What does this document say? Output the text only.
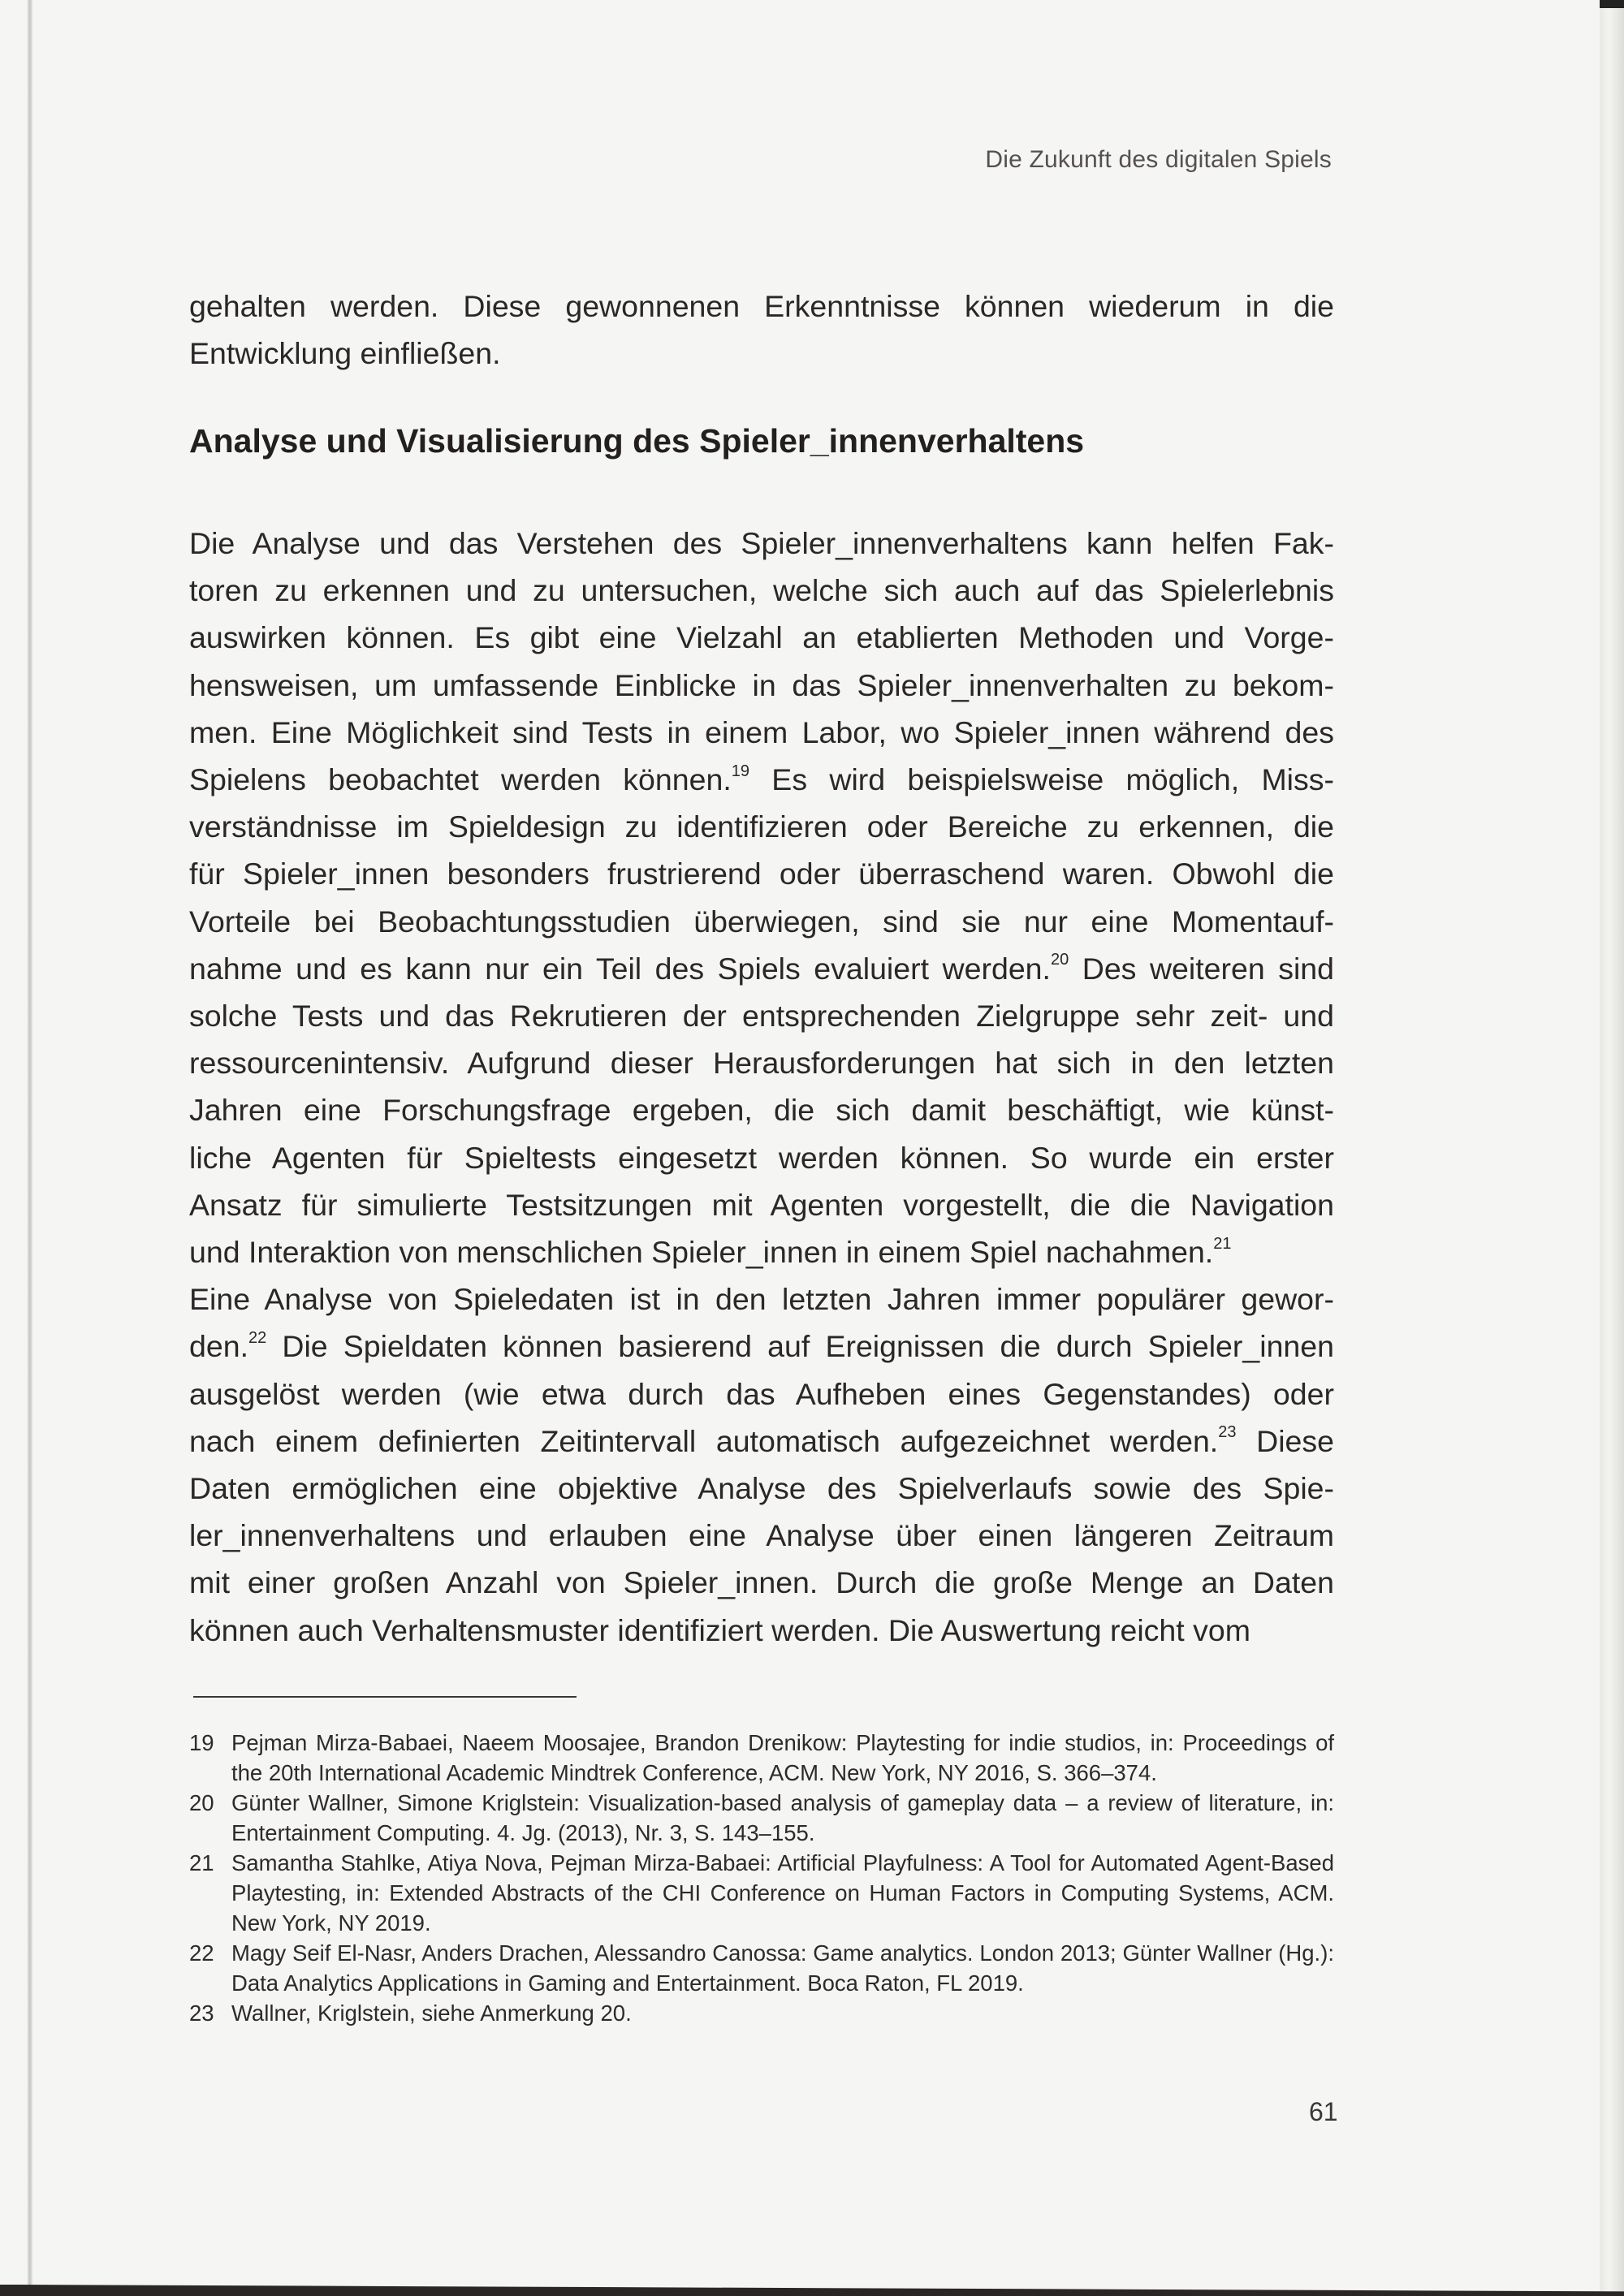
Die Zukunft des digitalen Spiels

gehalten werden. Diese gewonnenen Erkenntnisse können wiederum in die
Entwicklung einfließen.

Analyse und Visualisierung des Spieler_innenverhaltens

Die Analyse und das Verstehen des Spieler_innenverhaltens kann helfen Fak-
toren zu erkennen und zu untersuchen, welche sich auch auf das Spielerlebnis
auswirken können. Es gibt eine Vielzahl an etablierten Methoden und Vorge-
hensweisen, um umfassende Einblicke in das Spieler_innenverhalten zu bekom-
men. Eine Möglichkeit sind Tests in einem Labor, wo Spieler_innen während des
Spielens beobachtet werden können.$^{19}$ Es wird beispielsweise möglich, Miss-
verständnisse im Spieldesign zu identifizieren oder Bereiche zu erkennen, die
für Spieler_innen besonders frustrierend oder überraschend waren. Obwohl die
Vorteile bei Beobachtungsstudien überwiegen, sind sie nur eine Momentauf-
nahme und es kann nur ein Teil des Spiels evaluiert werden.$^{20}$ Des weiteren sind
solche Tests und das Rekrutieren der entsprechenden Zielgruppe sehr zeit- und
ressourcenintensiv. Aufgrund dieser Herausforderungen hat sich in den letzten
Jahren eine Forschungsfrage ergeben, die sich damit beschäftigt, wie künst-
liche Agenten für Spieltests eingesetzt werden können. So wurde ein erster
Ansatz für simulierte Testsitzungen mit Agenten vorgestellt, die die Navigation
und Interaktion von menschlichen Spieler_innen in einem Spiel nachahmen.$^{21}$
Eine Analyse von Spieledaten ist in den letzten Jahren immer populärer gewor-
den.$^{22}$ Die Spieldaten können basierend auf Ereignissen die durch Spieler_innen
ausgelöst werden (wie etwa durch das Aufheben eines Gegenstandes) oder
nach einem definierten Zeitintervall automatisch aufgezeichnet werden.$^{23}$ Diese
Daten ermöglichen eine objektive Analyse des Spielverlaufs sowie des Spie-
ler_innenverhaltens und erlauben eine Analyse über einen längeren Zeitraum
mit einer großen Anzahl von Spieler_innen. Durch die große Menge an Daten
können auch Verhaltensmuster identifiziert werden. Die Auswertung reicht vom

19 Pejman Mirza-Babaei, Naeem Moosajee, Brandon Drenikow: Playtesting for indie studios, in: Proceedings of the 20th International Academic Mindtrek Conference, ACM. New York, NY 2016, S. 366–374.

20 Günter Wallner, Simone Kriglstein: Visualization-based analysis of gameplay data – a review of literature, in: Entertainment Computing. 4. Jg. (2013), Nr. 3, S. 143–155.

21 Samantha Stahlke, Atiya Nova, Pejman Mirza-Babaei: Artificial Playfulness: A Tool for Automated Agent-Based Playtesting, in: Extended Abstracts of the CHI Conference on Human Factors in Computing Systems, ACM. New York, NY 2019.

22 Magy Seif El-Nasr, Anders Drachen, Alessandro Canossa: Game analytics. London 2013; Günter Wallner (Hg.): Data Analytics Applications in Gaming and Entertainment. Boca Raton, FL 2019.

23 Wallner, Kriglstein, siehe Anmerkung 20.

61
